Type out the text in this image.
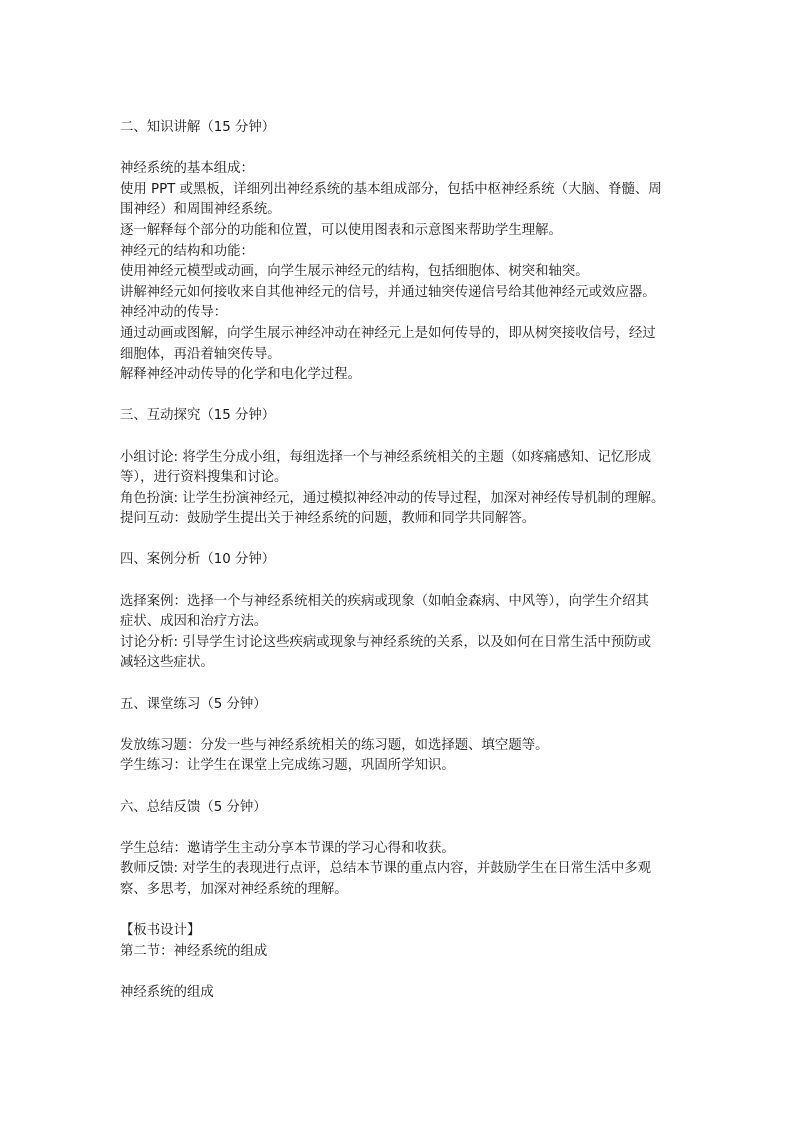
二、知识讲解（15 分钟）
神经系统的基本组成：
使用 PPT 或黑板，详细列出神经系统的基本组成部分，包括中枢神经系统（大脑、脊髓、周
围神经）和周围神经系统。
逐一解释每个部分的功能和位置，可以使用图表和示意图来帮助学生理解。
神经元的结构和功能：
使用神经元模型或动画，向学生展示神经元的结构，包括细胞体、树突和轴突。
讲解神经元如何接收来自其他神经元的信号，并通过轴突传递信号给其他神经元或效应器。
神经冲动的传导：
通过动画或图解，向学生展示神经冲动在神经元上是如何传导的，即从树突接收信号，经过
细胞体，再沿着轴突传导。
解释神经冲动传导的化学和电化学过程。
三、互动探究（15 分钟）
小组讨论: 将学生分成小组，每组选择一个与神经系统相关的主题（如疼痛感知、记忆形成
等），进行资料搜集和讨论。
角色扮演: 让学生扮演神经元，通过模拟神经冲动的传导过程，加深对神经传导机制的理解。
提问互动：鼓励学生提出关于神经系统的问题，教师和同学共同解答。
四、案例分析（10 分钟）
选择案例：选择一个与神经系统相关的疾病或现象（如帕金森病、中风等），向学生介绍其
症状、成因和治疗方法。
讨论分析: 引导学生讨论这些疾病或现象与神经系统的关系，以及如何在日常生活中预防或
减轻这些症状。
五、课堂练习（5 分钟）
发放练习题：分发一些与神经系统相关的练习题，如选择题、填空题等。
学生练习：让学生在课堂上完成练习题，巩固所学知识。
六、总结反馈（5 分钟）
学生总结：邀请学生主动分享本节课的学习心得和收获。
教师反馈: 对学生的表现进行点评，总结本节课的重点内容，并鼓励学生在日常生活中多观
察、多思考，加深对神经系统的理解。
【板书设计】
第二节：神经系统的组成
神经系统的组成
